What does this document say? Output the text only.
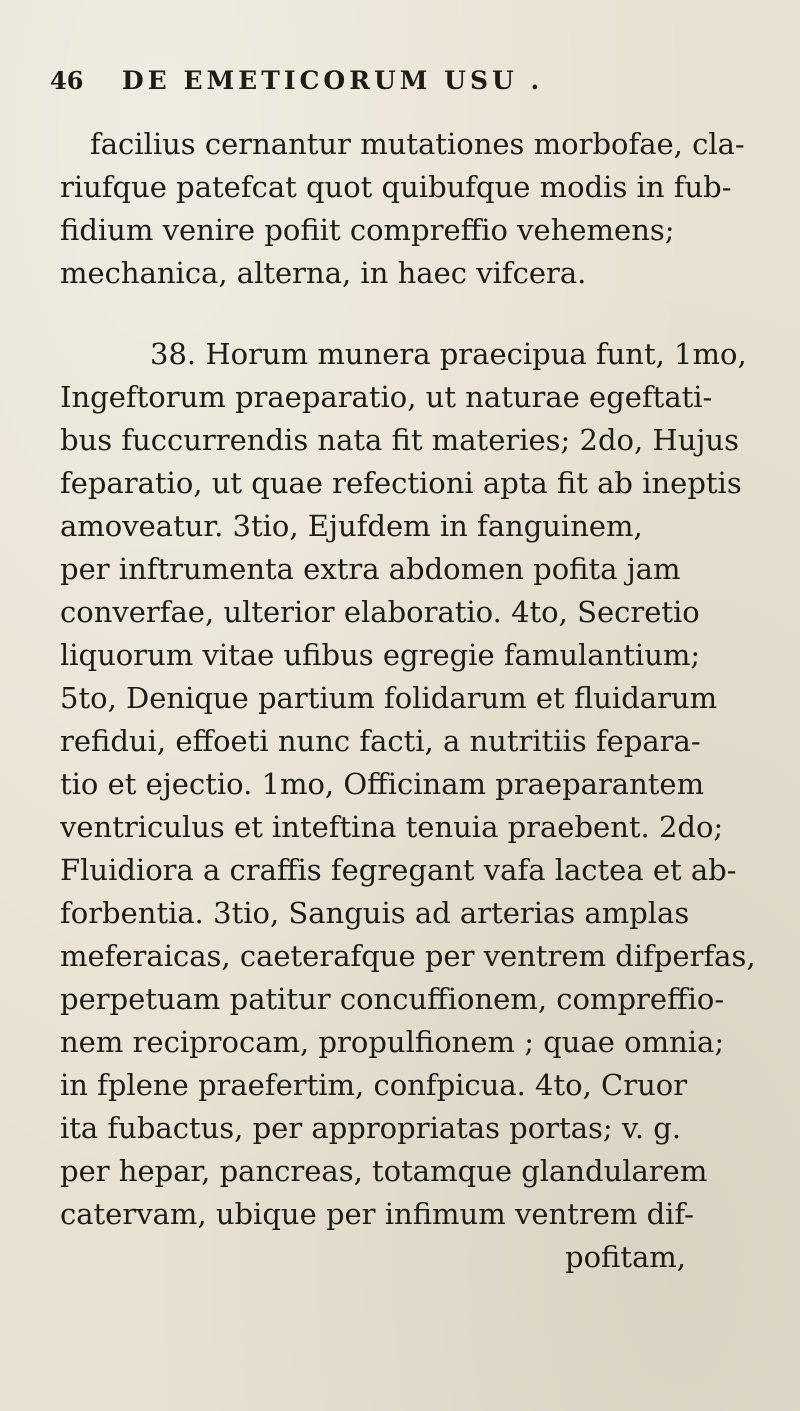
46 DE EMETICORUM USU .
facilius cernantur mutationes morbofae, cla-
riufque patefcat quot quibufque modis in fub-
fidium venire pofiit compreffio vehemens;
mechanica, alterna, in haec vifcera.
38. Horum munera praecipua funt, 1mo,
Ingeftorum praeparatio, ut naturae egeftati-
bus fuccurrendis nata fit materies; 2do, Hujus
feparatio, ut quae refectioni apta fit ab ineptis
amoveatur. 3tio, Ejufdem in fanguinem,
per inftrumenta extra abdomen pofita jam
converfae, ulterior elaboratio. 4to, Secretio
liquorum vitae ufibus egregie famulantium;
5to, Denique partium folidarum et fluidarum
refidui, effoeti nunc facti, a nutritiis fepara-
tio et ejectio. 1mo, Officinam praeparantem
ventriculus et inteftina tenuia praebent. 2do;
Fluidiora a craffis fegregant vafa lactea et ab-
forbentia. 3tio, Sanguis ad arterias amplas
meferaicas, caeterafque per ventrem difperfas,
perpetuam patitur concuffionem, compreffio-
nem reciprocam, propulfionem ; quae omnia;
in fplene praefertim, confpicua. 4to, Cruor
ita fubactus, per appropriatas portas; v. g.
per hepar, pancreas, totamque glandularem
catervam, ubique per infimum ventrem dif-
pofitam,
